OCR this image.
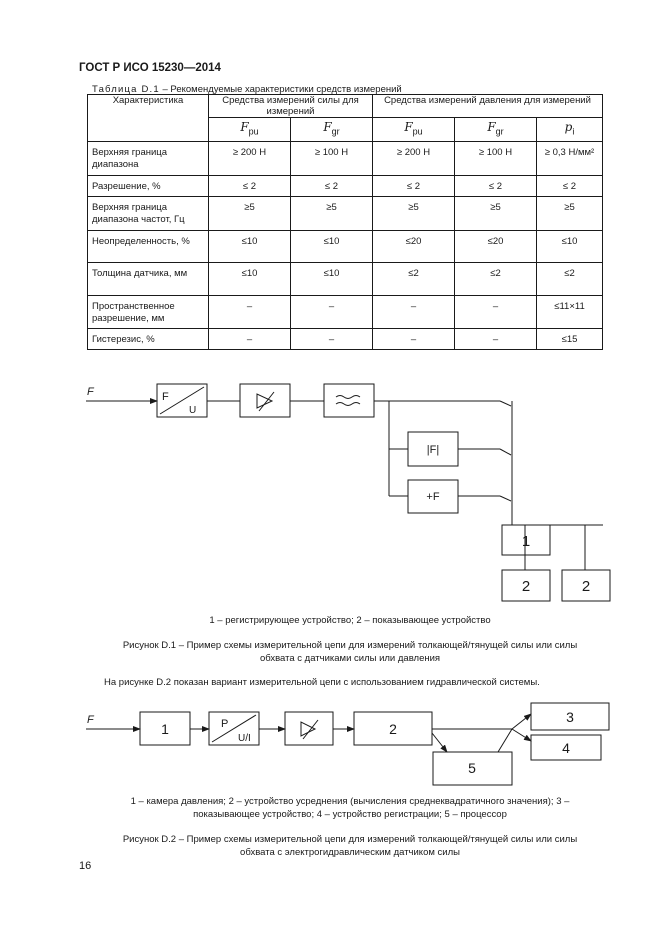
ГОСТ Р ИСО 15230—2014
Таблица D.1 – Рекомендуемые характеристики средств измерений
Характеристика	Средства измерений силы для измерений		Средства измерений давления для измерений		
	$F_{pu}$	$F_{gr}$	$F_{pu}$	$F_{gr}$	$p_i$
Верхняя граница диапазона	≥ 200 Н	≥ 100 Н	≥ 200 Н	≥ 100 Н	≥ 0,3 Н/мм²
Разрешение, %	≤ 2	≤ 2	≤ 2	≤ 2	≤ 2
Верхняя граница диапазона частот, Гц	≥5	≥5	≥5	≥5	≥5
Неопределенность, %	≤10	≤10	≤20	≤20	≤10
Толщина датчика, мм	≤10	≤10	≤2	≤2	≤2
Пространственное разрешение, мм	–	–	–	–	≤11×11
Гистерезис, %	–	–	–	–	≤15
F	F
U
|F|
+F
1
2	2
1 – регистрирующее устройство; 2 – показывающее устройство
Рисунок D.1 – Пример схемы измерительной цепи для измерений толкающей/тянущей силы или силы
обхвата с датчиками силы или давления
На рисунке D.2 показан вариант измерительной цепи с использованием гидравлической системы.
F
1	P
U/I
2
3
4
5
1 – камера давления; 2 – устройство усреднения (вычисления среднеквадратичного значения); 3 –
показывающее устройство; 4 – устройство регистрации; 5 – процессор
Рисунок D.2 – Пример схемы измерительной цепи для измерений толкающей/тянущей силы или силы
обхвата с электрогидравлическим датчиком силы
16
